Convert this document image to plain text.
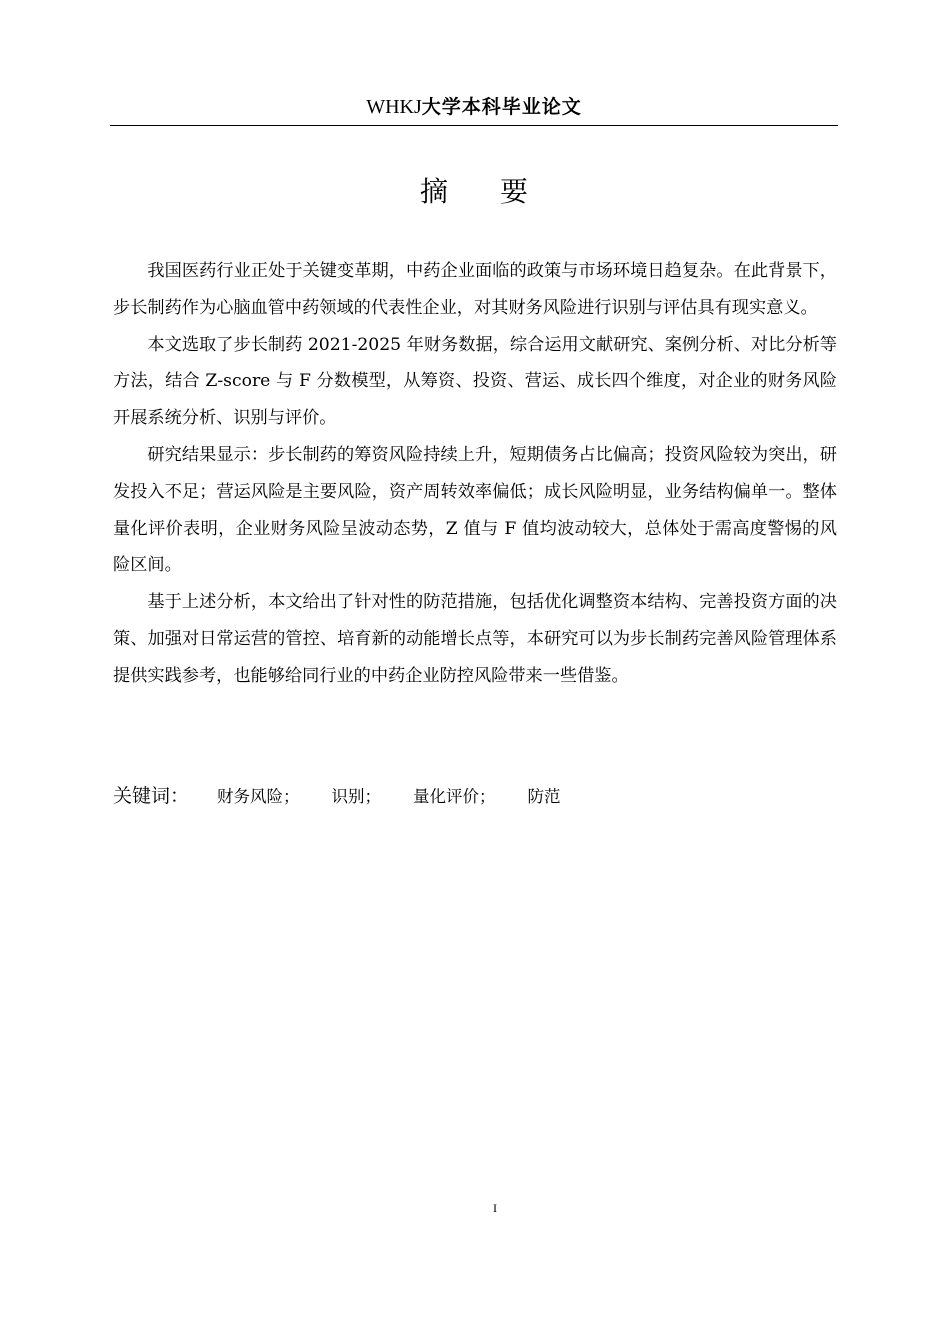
WHKJ大学本科毕业论文
摘要

我国医药行业正处于关键变革期，中药企业面临的政策与市场环境日趋复杂。在此背景下，步长制药作为心脑血管中药领域的代表性企业，对其财务风险进行识别与评估具有现实意义。

本文选取了步长制药 2021-2025 年财务数据，综合运用文献研究、案例分析、对比分析等方法，结合 Z-score 与 F 分数模型，从筹资、投资、营运、成长四个维度，对企业的财务风险开展系统分析、识别与评价。

研究结果显示：步长制药的筹资风险持续上升，短期债务占比偏高；投资风险较为突出，研发投入不足；营运风险是主要风险，资产周转效率偏低；成长风险明显，业务结构偏单一。整体量化评价表明，企业财务风险呈波动态势，Z 值与 F 值均波动较大，总体处于需高度警惕的风险区间。

基于上述分析，本文给出了针对性的防范措施，包括优化调整资本结构、完善投资方面的决策、加强对日常运营的管控、培育新的动能增长点等，本研究可以为步长制药完善风险管理体系提供实践参考，也能够给同行业的中药企业防控风险带来一些借鉴。

关键词： 财务风险； 识别； 量化评价； 防范
I
